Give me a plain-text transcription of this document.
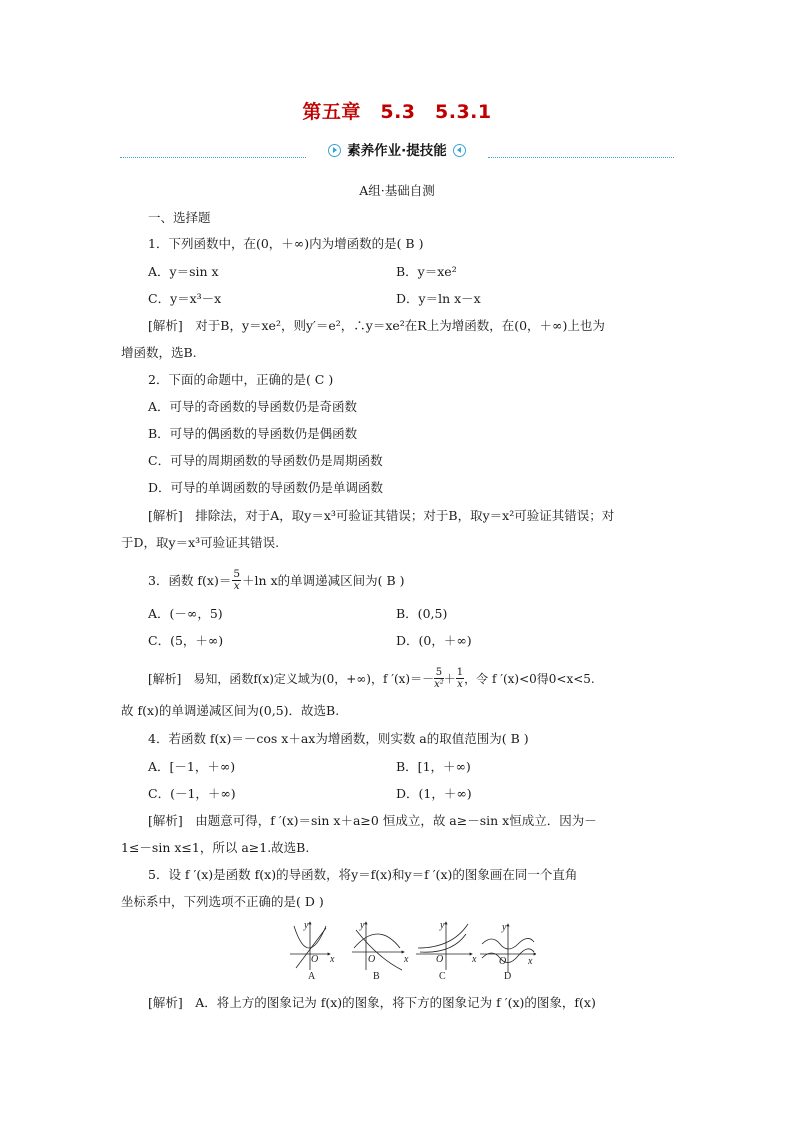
第五章　5.3　5.3.1
素养作业·提技能
A组·基础自测
一、选择题
1．下列函数中，在(0，＋∞)内为增函数的是( B )
A．y＝sin x	B．y＝xe²
C．y＝x³－x	D．y＝ln x－x
[解析]　对于B，y＝xe²，则y′＝e²，∴y＝xe²在R上为增函数，在(0，＋∞)上也为
增函数，选B.
2．下面的命题中，正确的是( C )
A．可导的奇函数的导函数仍是奇函数
B．可导的偶函数的导函数仍是偶函数
C．可导的周期函数的导函数仍是周期函数
D．可导的单调函数的导函数仍是单调函数
[解析]　排除法，对于A，取y＝x³可验证其错误；对于B，取y＝x²可验证其错误；对
于D，取y＝x³可验证其错误.
3．函数 $f(x)= \frac{5}{x} +\ln$ x的单调递减区间为( B )
A．(－∞，5)	B．(0,5)
C．(5，＋∞)	D．(0，＋∞)
[解析]　易知，函数f(x)定义域为(0，+∞)，f $'(x)=- \frac{5}{\text{x²}} + \frac{1}{x}$ ，令 f ′(x)<0得0<x<5.
故 f(x)的单调递减区间为(0,5)．故选B.
4．若函数 f(x)＝－cos x＋ax为增函数，则实数 a的取值范围为( B )
A．[－1，＋∞)	B．[1，＋∞)
C．(－1，＋∞)	D．(1，＋∞)
[解析]　由题意可得，f ′(x)＝sin x＋a≥0 恒成立，故 a≥－sin x恒成立．因为－
1≤－sin x≤1，所以 a≥1.故选B.
5．设 f ′(x)是函数 f(x)的导函数，将y＝f(x)和y＝f ′(x)的图象画在同一个直角
坐标系中，下列选项不正确的是( D )
y
x
O
y
x
O
y
x
O
y
x
O
A	B	C	D
[解析]　A．将上方的图象记为 f(x)的图象，将下方的图象记为 f ′(x)的图象，f(x)
